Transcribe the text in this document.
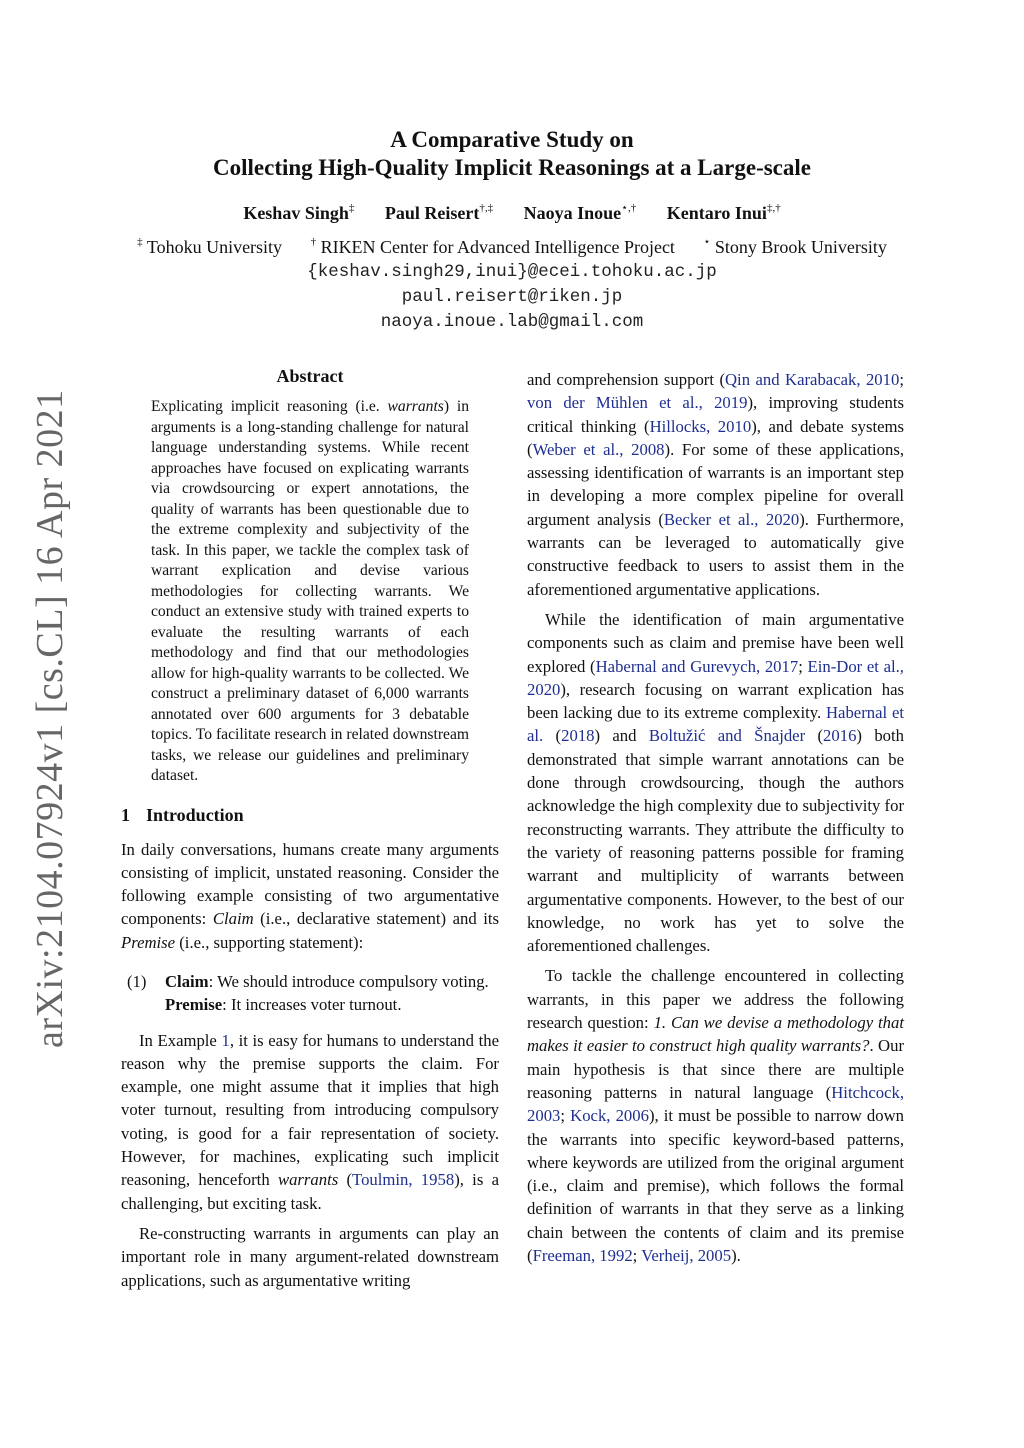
arXiv:2104.07924v1 [cs.CL] 16 Apr 2021
A Comparative Study on
Collecting High-Quality Implicit Reasonings at a Large-scale
Keshav Singh‡ Paul Reisert†,‡ Naoya Inoue⋆,† Kentaro Inui‡,†
‡ Tohoku University	† RIKEN Center for Advanced Intelligence Project	⋆ Stony Brook University
{keshav.singh29,inui}@ecei.tohoku.ac.jp
paul.reisert@riken.jp
naoya.inoue.lab@gmail.com
Abstract

Explicating implicit reasoning (i.e. warrants) in arguments is a long-standing challenge for natural language understanding systems. While recent approaches have focused on explicating warrants via crowdsourcing or expert annotations, the quality of warrants has been questionable due to the extreme complexity and subjectivity of the task. In this paper, we tackle the complex task of warrant explication and devise various methodologies for collecting warrants. We conduct an extensive study with trained experts to evaluate the resulting warrants of each methodology and find that our methodologies allow for high-quality warrants to be collected. We construct a preliminary dataset of 6,000 warrants annotated over 600 arguments for 3 debatable topics. To facilitate research in related downstream tasks, we release our guidelines and preliminary dataset.

1 Introduction

In daily conversations, humans create many arguments consisting of implicit, unstated reasoning. Consider the following example consisting of two argumentative components: Claim (i.e., declarative statement) and its Premise (i.e., supporting statement):

(1)	Claim: We should introduce compulsory voting.
Premise: It increases voter turnout.

In Example 1, it is easy for humans to understand the reason why the premise supports the claim. For example, one might assume that it implies that high voter turnout, resulting from introducing compulsory voting, is good for a fair representation of society. However, for machines, explicating such implicit reasoning, henceforth warrants (Toulmin, 1958), is a challenging, but exciting task.

Re-constructing warrants in arguments can play an important role in many argument-related downstream applications, such as argumentative writing

and comprehension support (Qin and Karabacak, 2010; von der Mühlen et al., 2019), improving students critical thinking (Hillocks, 2010), and debate systems (Weber et al., 2008). For some of these applications, assessing identification of warrants is an important step in developing a more complex pipeline for overall argument analysis (Becker et al., 2020). Furthermore, warrants can be leveraged to automatically give constructive feedback to users to assist them in the aforementioned argumentative applications.

While the identification of main argumentative components such as claim and premise have been well explored (Habernal and Gurevych, 2017; Ein-Dor et al., 2020), research focusing on warrant explication has been lacking due to its extreme complexity. Habernal et al. (2018) and Boltužić and Šnajder (2016) both demonstrated that simple warrant annotations can be done through crowdsourcing, though the authors acknowledge the high complexity due to subjectivity for reconstructing warrants. They attribute the difficulty to the variety of reasoning patterns possible for framing warrant and multiplicity of warrants between argumentative components. However, to the best of our knowledge, no work has yet to solve the aforementioned challenges.

To tackle the challenge encountered in collecting warrants, in this paper we address the following research question: 1. Can we devise a methodology that makes it easier to construct high quality warrants?. Our main hypothesis is that since there are multiple reasoning patterns in natural language (Hitchcock, 2003; Kock, 2006), it must be possible to narrow down the warrants into specific keyword-based patterns, where keywords are utilized from the original argument (i.e., claim and premise), which follows the formal definition of warrants in that they serve as a linking chain between the contents of claim and its premise (Freeman, 1992; Verheij, 2005).
